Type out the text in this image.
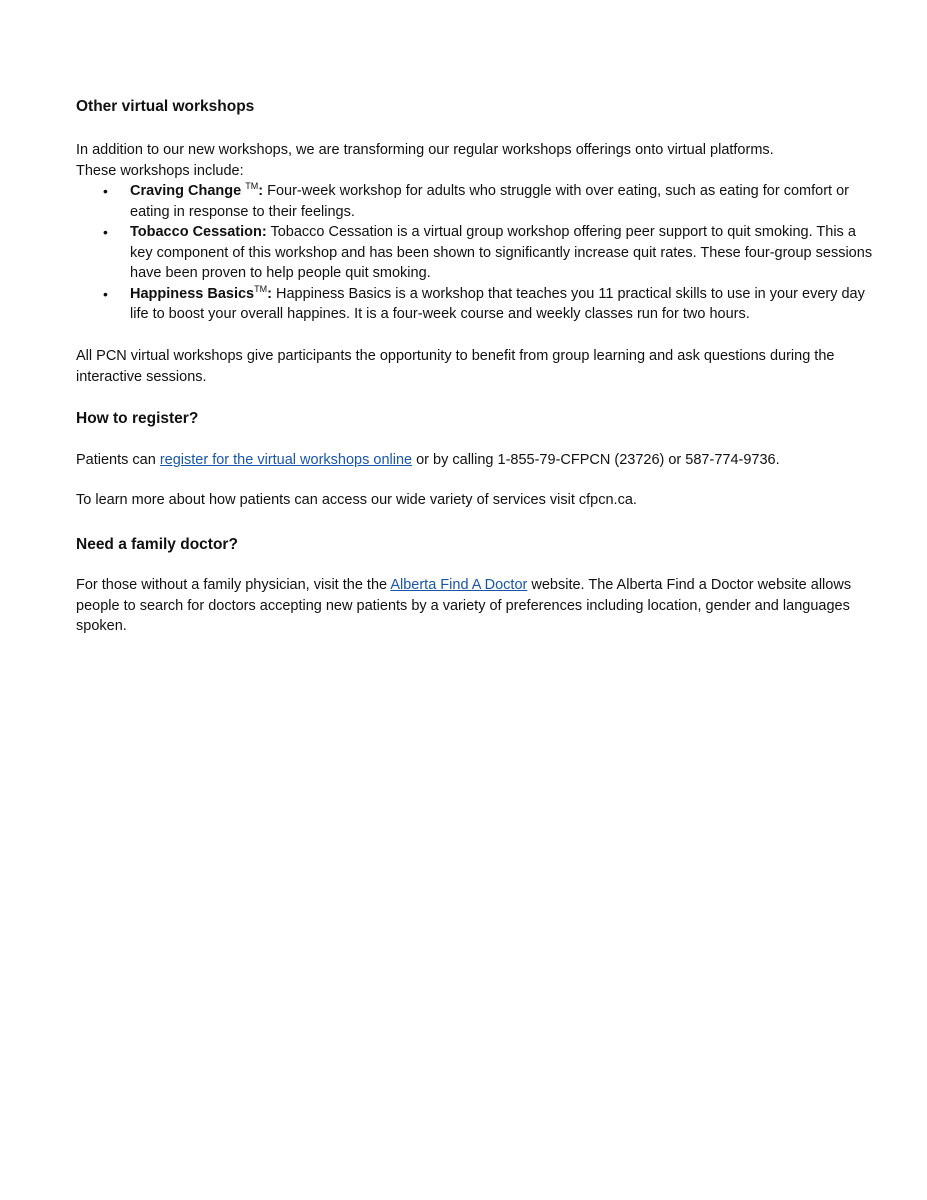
Other virtual workshops

In addition to our new workshops, we are transforming our regular workshops offerings onto virtual platforms.

These workshops include:

• Craving Change ™: Four-week workshop for adults who struggle with over eating, such as eating for comfort or eating in response to their feelings.
• Tobacco Cessation: Tobacco Cessation is a virtual group workshop offering peer support to quit smoking. This a key component of this workshop and has been shown to significantly increase quit rates. These four-group sessions have been proven to help people quit smoking.
• Happiness Basics™: Happiness Basics is a workshop that teaches you 11 practical skills to use in your every day life to boost your overall happines. It is a four-week course and weekly classes run for two hours.
All PCN virtual workshops give participants the opportunity to benefit from group learning and ask questions during the interactive sessions.
How to register?
Patients can register for the virtual workshops online or by calling 1-855-79-CFPCN (23726) or 587-774-9736.
To learn more about how patients can access our wide variety of services visit cfpcn.ca.
Need a family doctor?
For those without a family physician, visit the the Alberta Find A Doctor website. The Alberta Find a Doctor website allows people to search for doctors accepting new patients by a variety of preferences including location, gender and languages spoken.
